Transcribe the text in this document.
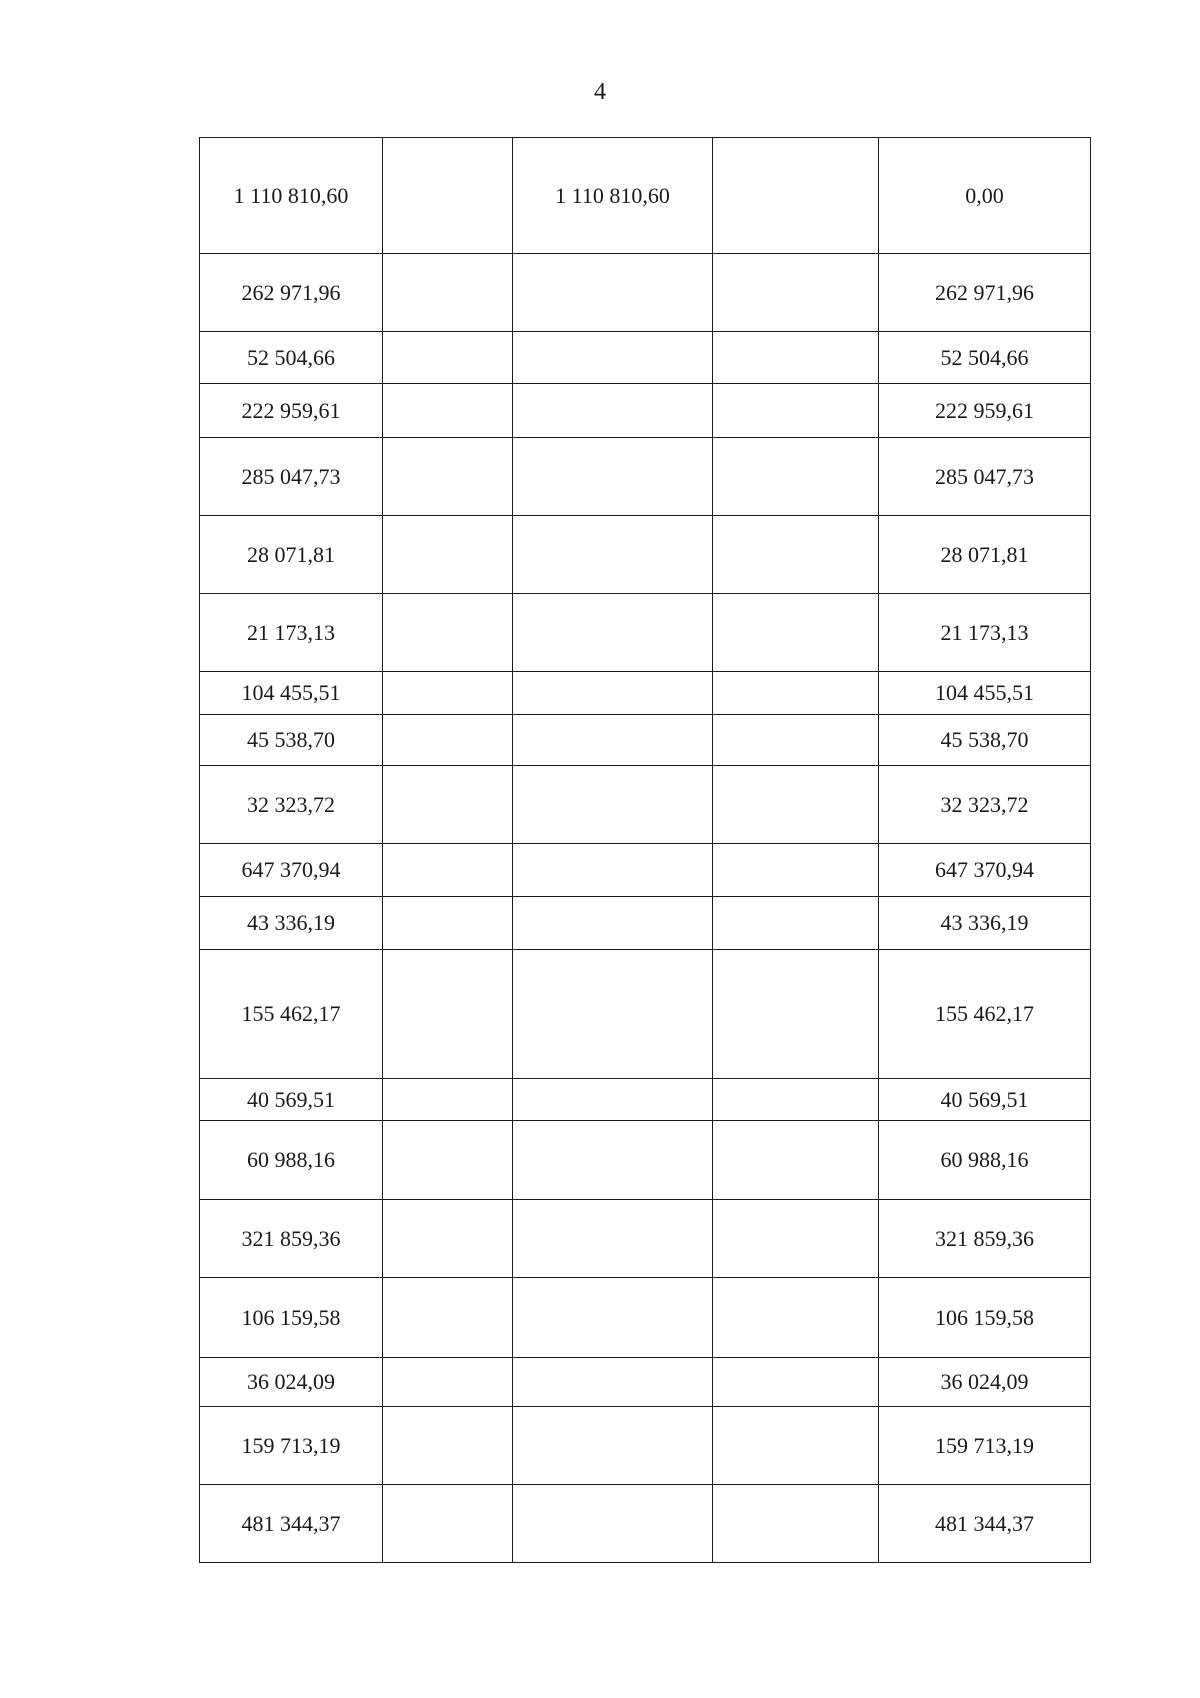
4
1 110 810,60		1 110 810,60		0,00
262 971,96				262 971,96
52 504,66				52 504,66
222 959,61				222 959,61
285 047,73				285 047,73
28 071,81				28 071,81
21 173,13				21 173,13
104 455,51				104 455,51
45 538,70				45 538,70
32 323,72				32 323,72
647 370,94				647 370,94
43 336,19				43 336,19
155 462,17				155 462,17
40 569,51				40 569,51
60 988,16				60 988,16
321 859,36				321 859,36
106 159,58				106 159,58
36 024,09				36 024,09
159 713,19				159 713,19
481 344,37				481 344,37
